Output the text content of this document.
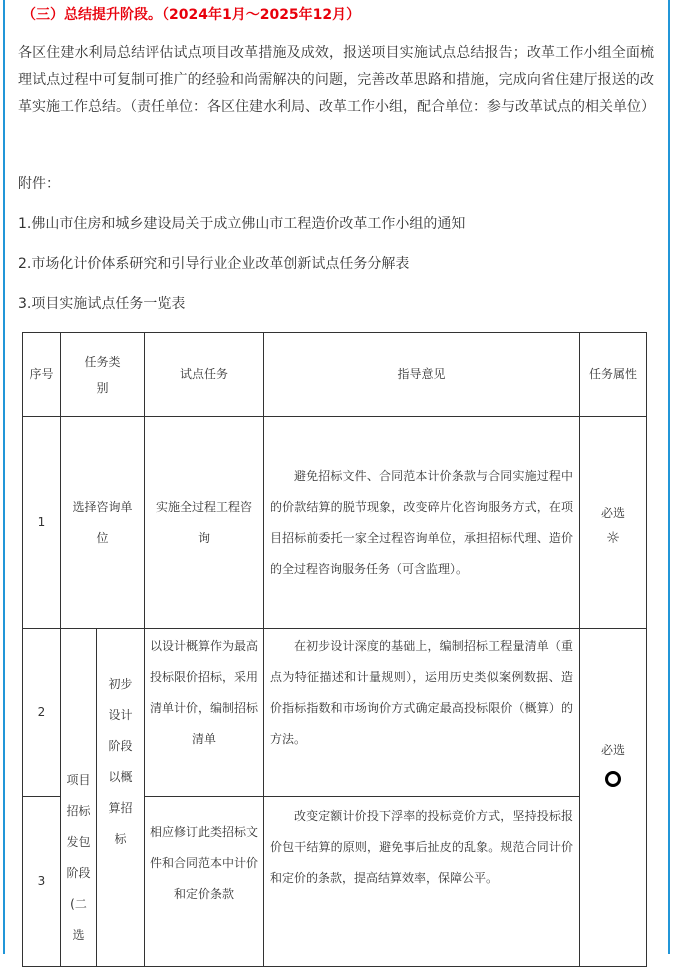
（三）总结提升阶段。（2024年1月～2025年12月）
各区住建水利局总结评估试点项目改革措施及成效，报送项目实施试点总结报告；改革工作小组全面梳理试点过程中可复制可推广的经验和尚需解决的问题，完善改革思路和措施，完成向省住建厅报送的改革实施工作总结。（责任单位：各区住建水利局、改革工作小组，配合单位：参与改革试点的相关单位）
附件：
1.佛山市住房和城乡建设局关于成立佛山市工程造价改革工作小组的通知
2.市场化计价体系研究和引导行业企业改革创新试点任务分解表
3.项目实施试点任务一览表
序号	任务类别		试点任务	指导意见	任务属性
1	选择咨询单位		实施全过程工程咨询	避免招标文件、合同范本计价条款与合同实施过程中的价款结算的脱节现象，改变碎片化咨询服务方式，在项目招标前委托一家全过程咨询单位，承担招标代理、造价的全过程咨询服务任务（可含监理）。	必选
☼

2	项目招标发包阶段(二选	初步设计阶段以概算招标	以设计概算作为最高投标限价招标，采用清单计价，编制招标清单	在初步设计深度的基础上，编制招标工程量清单（重点为特征描述和计量规则），运用历史类似案例数据、造价指标指数和市场询价方式确定最高投标限价（概算）的方法。	必选

3			相应修订此类招标文件和合同范本中计价和定价条款	改变定额计价投下浮率的投标竞价方式，坚持投标报价包干结算的原则，避免事后扯皮的乱象。规范合同计价和定价的条款，提高结算效率，保障公平。	
